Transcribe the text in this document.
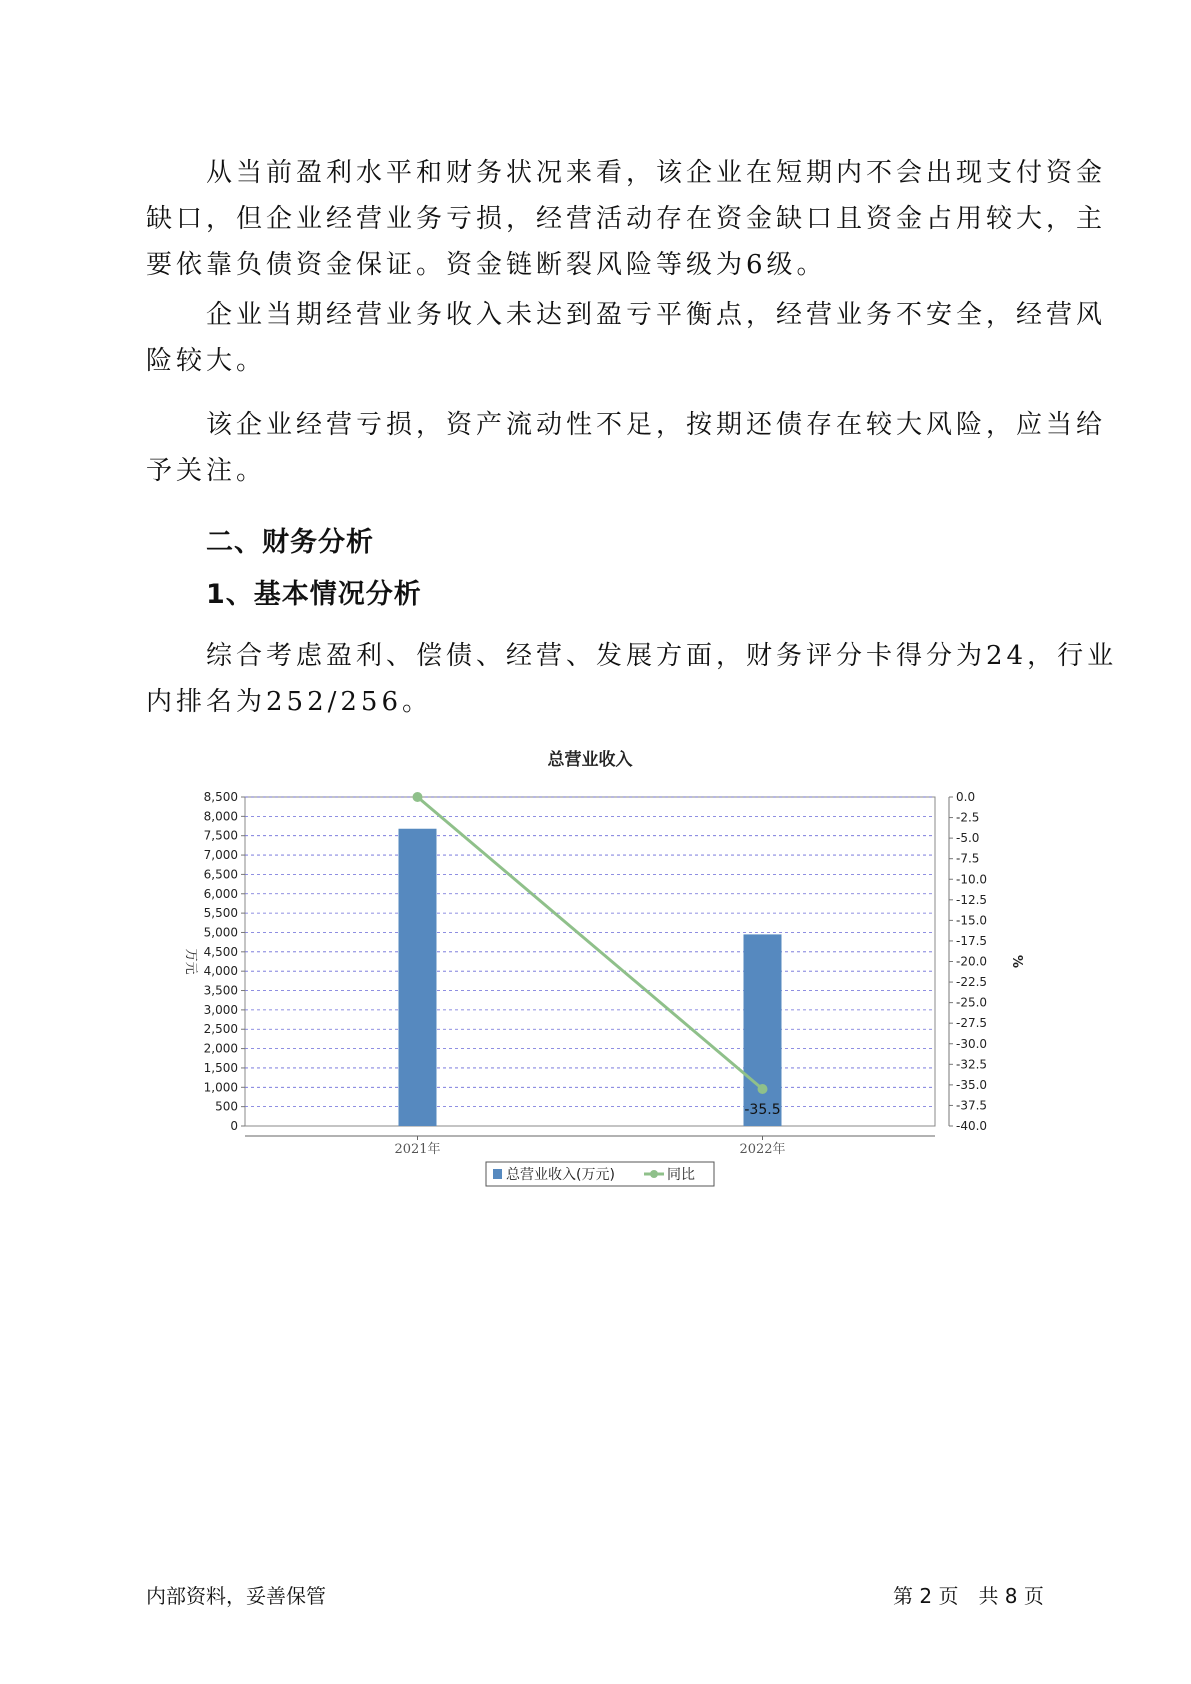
　　从当前盈利水平和财务状况来看，该企业在短期内不会出现支付资金
缺口，但企业经营业务亏损，经营活动存在资金缺口且资金占用较大，主
要依靠负债资金保证。资金链断裂风险等级为6级。
　　企业当期经营业务收入未达到盈亏平衡点，经营业务不安全，经营风
险较大。
　　该企业经营亏损，资产流动性不足，按期还债存在较大风险，应当给
予关注。
二、财务分析
1、基本情况分析
　　综合考虑盈利、偿债、经营、发展方面，财务评分卡得分为24，行业
内排名为252/256。
总营业收入
0
500
1,000
1,500
2,000
2,500
3,000
3,500
4,000
4,500
5,000
5,500
6,000
6,500
7,000
7,500
8,000
8,500	0.0
-2.5
-5.0
-7.5
-10.0
-12.5
-15.0
-17.5
-20.0
-22.5
-25.0
-27.5
-30.0
-32.5
-35.0
-37.5
-40.0
万元	%
2021年	2022年
-35.5
总营业收入(万元)	同比
内部资料，妥善保管	第 2 页　共 8 页
